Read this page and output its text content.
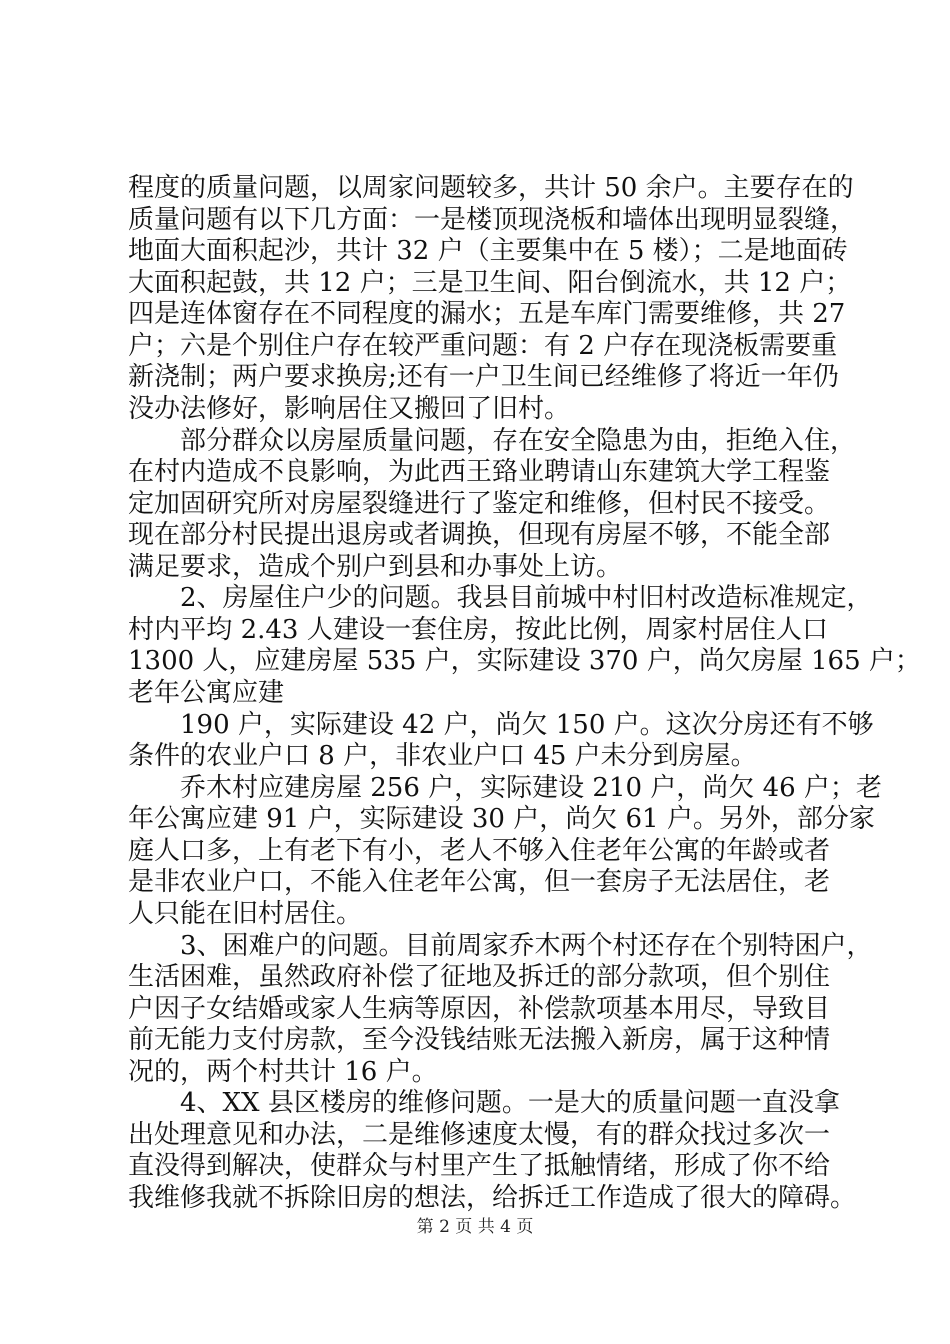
程度的质量问题，以周家问题较多，共计 50 余户。主要存在的
质量问题有以下几方面：一是楼顶现浇板和墙体出现明显裂缝，
地面大面积起沙，共计 32 户（主要集中在 5 楼）；二是地面砖
大面积起鼓，共 12 户；三是卫生间、阳台倒流水，共 12 户；
四是连体窗存在不同程度的漏水；五是车库门需要维修，共 27
户；六是个别住户存在较严重问题：有 2 户存在现浇板需要重
新浇制；两户要求换房;还有一户卫生间已经维修了将近一年仍
没办法修好，影响居住又搬回了旧村。
部分群众以房屋质量问题，存在安全隐患为由，拒绝入住，
在村内造成不良影响，为此西王臵业聘请山东建筑大学工程鉴
定加固研究所对房屋裂缝进行了鉴定和维修，但村民不接受。
现在部分村民提出退房或者调换，但现有房屋不够，不能全部
满足要求，造成个别户到县和办事处上访。
2、房屋住户少的问题。我县目前城中村旧村改造标准规定，
村内平均 2.43 人建设一套住房，按此比例，周家村居住人口
1300 人，应建房屋 535 户，实际建设 370 户，尚欠房屋 165 户；
老年公寓应建
190 户，实际建设 42 户，尚欠 150 户。这次分房还有不够
条件的农业户口 8 户，非农业户口 45 户未分到房屋。
乔木村应建房屋 256 户，实际建设 210 户，尚欠 46 户；老
年公寓应建 91 户，实际建设 30 户，尚欠 61 户。另外，部分家
庭人口多，上有老下有小，老人不够入住老年公寓的年龄或者
是非农业户口，不能入住老年公寓，但一套房子无法居住，老
人只能在旧村居住。
3、困难户的问题。目前周家乔木两个村还存在个别特困户，
生活困难，虽然政府补偿了征地及拆迁的部分款项，但个别住
户因子女结婚或家人生病等原因，补偿款项基本用尽，导致目
前无能力支付房款，至今没钱结账无法搬入新房，属于这种情
况的，两个村共计 16 户。
4、XX 县区楼房的维修问题。一是大的质量问题一直没拿
出处理意见和办法，二是维修速度太慢，有的群众找过多次一
直没得到解决，使群众与村里产生了抵触情绪，形成了你不给
我维修我就不拆除旧房的想法，给拆迁工作造成了很大的障碍。
第 2 页 共 4 页
